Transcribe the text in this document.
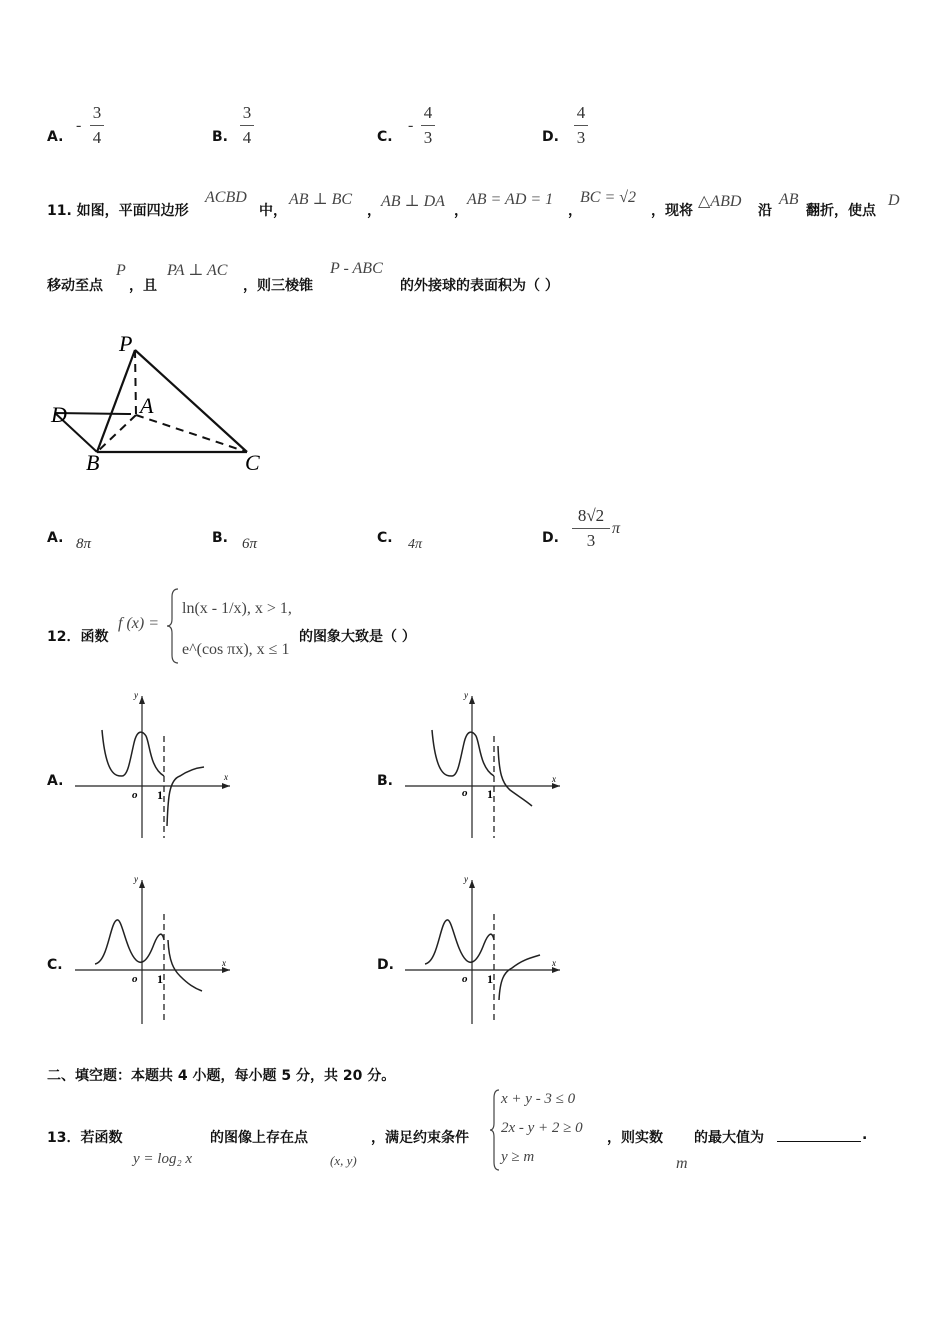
A.
-
3
4	B.
3
4	C.
-
4
3	D.
4
3
11. 如图，平面四边形
ACBD
中，
AB ⊥ BC
，
AB ⊥ DA
，
AB = AD = 1
，
BC = √2
，现将
△ABD
沿
AB
翻折，使点
D
移动至点
P
，且
PA ⊥ AC
，则三棱锥
P - ABC
的外接球的表面积为（ ）
P
A
D
B	C
A. 8π	B. 6π	C. 4π	D.
8√2
3
π
12．函数
f (x) =
ln(x - 1/x), x > 1,
e^(cos πx), x ≤ 1
的图象大致是（ ）
A.	B.
C.	D.
y
x
o 1
y
x
o 1
y
x
o 1
y
x
o 1
二、填空题：本题共 4 小题，每小题 5 分，共 20 分。
13．若函数
y = log₂ x
的图像上存在点
(x, y)
，满足约束条件
x + y - 3 ≤ 0
2x - y + 2 ≥ 0
y ≥ m
，则实数
m
的最大值为	.
